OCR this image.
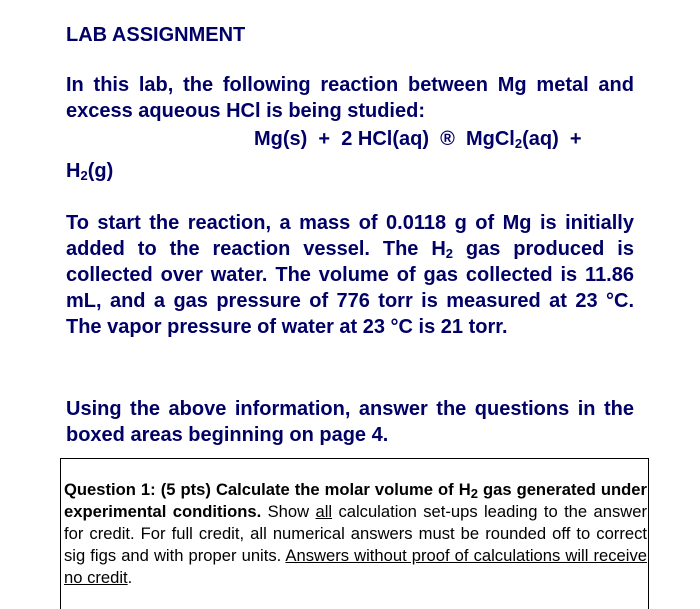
LAB ASSIGNMENT
In this lab, the following reaction between Mg metal and excess aqueous HCl is being studied:
Mg(s)  +  2 HCl(aq)  ®  MgCl$_2$(aq)  +
$H_2(g)$
To start the reaction, a mass of 0.0118 g of Mg is initially added to the reaction vessel. The $H_2$ gas produced is collected over water. The volume of gas collected is 11.86 mL, and a gas pressure of 776 torr is measured at 23 °C. The vapor pressure of water at 23 °C is 21 torr.
Using the above information, answer the questions in the boxed areas beginning on page 4.
Question 1: (5 pts) Calculate the molar volume of $H_2$ gas generated under experimental conditions. Show all calculation set-ups leading to the answer for credit. For full credit, all numerical answers must be rounded off to correct sig figs and with proper units. Answers without proof of calculations will receive no credit.
